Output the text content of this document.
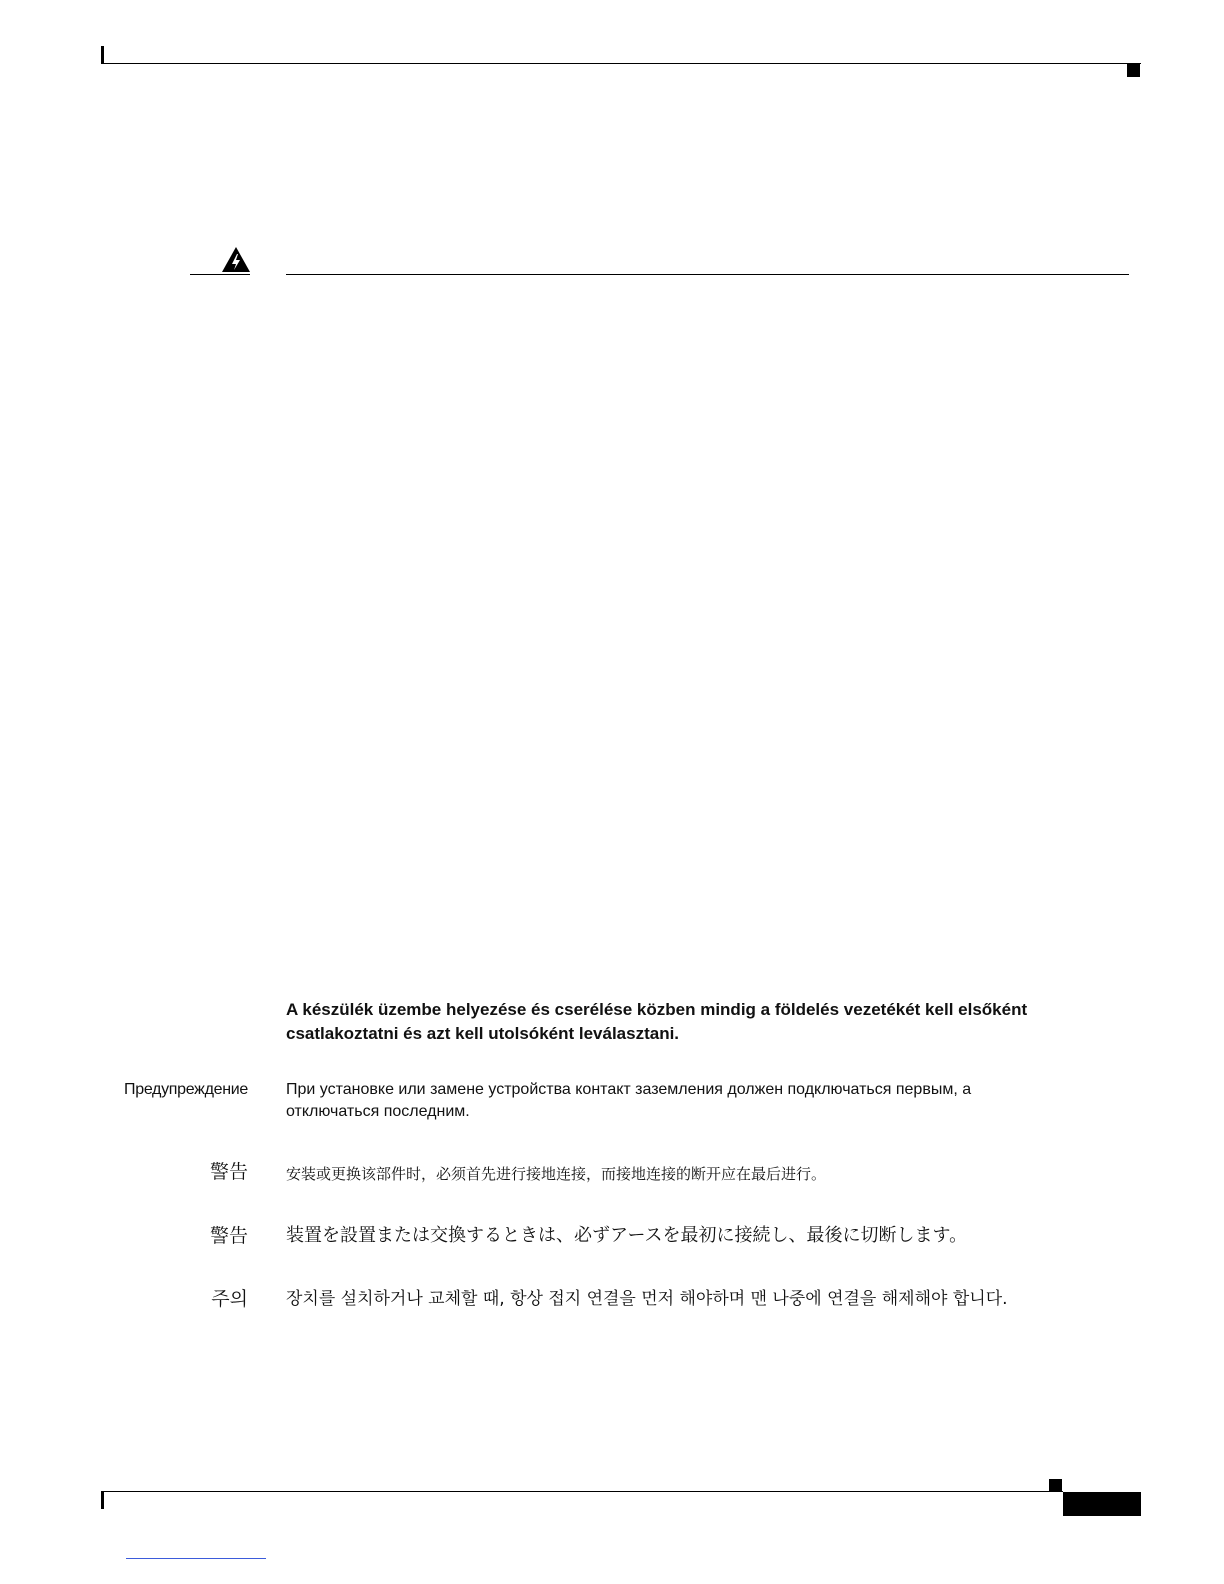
A készülék üzembe helyezése és cserélése közben mindig a földelés vezetékét kell elsőként csatlakoztatni és azt kell utolsóként leválasztani.
Предупреждение При установке или замене устройства контакт заземления должен подключаться первым, а отключаться последним.
警告	安装或更换该部件时，必须首先进行接地连接，而接地连接的断开应在最后进行。
警告 装置を設置または交換するときは、必ずアースを最初に接続し、最後に切断します。
주의 장치를 설치하거나 교체할 때, 항상 접지 연결을 먼저 해야하며 맨 나중에 연결을 해제해야 합니다.
